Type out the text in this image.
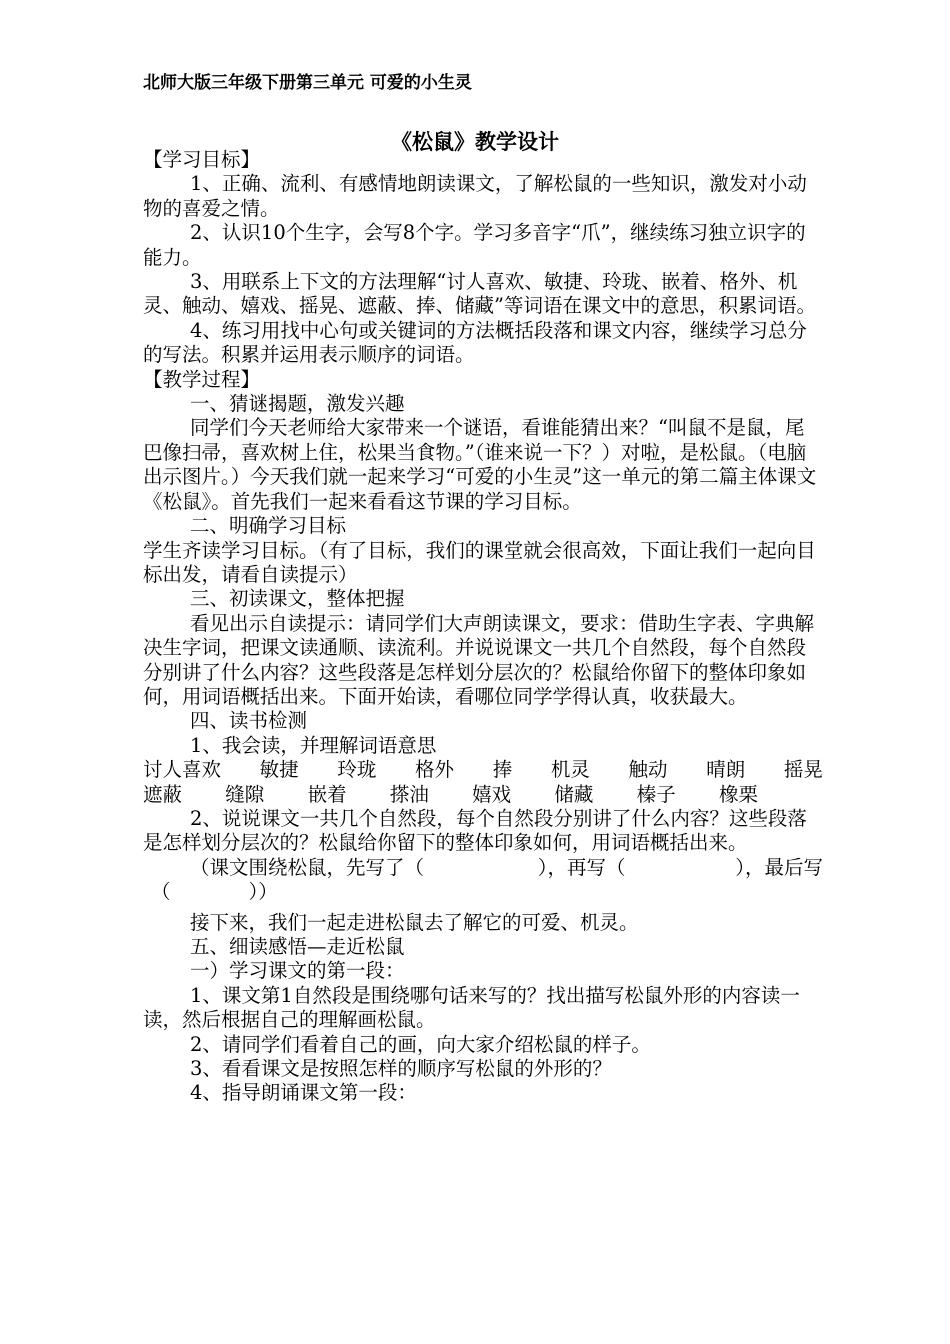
北师大版三年级下册第三单元 可爱的小生灵
《松鼠》教学设计

【学习目标】

1、正确、流利、有感情地朗读课文，了解松鼠的一些知识，激发对小动物的喜爱之情。

2、认识10个生字，会写8个字。学习多音字“爪”，继续练习独立识字的能力。

3、用联系上下文的方法理解“讨人喜欢、敏捷、玲珑、嵌着、格外、机灵、触动、嬉戏、摇晃、遮蔽、捧、储藏”等词语在课文中的意思，积累词语。

4、练习用找中心句或关键词的方法概括段落和课文内容，继续学习总分的写法。积累并运用表示顺序的词语。

【教学过程】

一、猜谜揭题，激发兴趣

同学们今天老师给大家带来一个谜语，看谁能猜出来？“叫鼠不是鼠，尾巴像扫帚，喜欢树上住，松果当食物。”（谁来说一下？）对啦，是松鼠。（电脑出示图片。）今天我们就一起来学习“可爱的小生灵”这一单元的第二篇主体课文《松鼠》。首先我们一起来看看这节课的学习目标。

二、明确学习目标

学生齐读学习目标。（有了目标，我们的课堂就会很高效，下面让我们一起向目标出发，请看自读提示）

三、初读课文，整体把握

看见出示自读提示：请同学们大声朗读课文，要求：借助生字表、字典解决生字词，把课文读通顺、读流利。并说说课文一共几个自然段，每个自然段分别讲了什么内容？这些段落是怎样划分层次的？松鼠给你留下的整体印象如何，用词语概括出来。下面开始读，看哪位同学学得认真，收获最大。

四、读书检测

1、我会读，并理解词语意思

讨人喜欢 敏捷 玲珑 格外 捧 机灵 触动 晴朗 摇晃
遮蔽 缝隙 嵌着 搽油 嬉戏 储藏 榛子 橡栗

2、说说课文一共几个自然段，每个自然段分别讲了什么内容？这些段落是怎样划分层次的？松鼠给你留下的整体印象如何，用词语概括出来。

（课文围绕松鼠，先写了（	），再写（	），最后写

（	））

接下来，我们一起走进松鼠去了解它的可爱、机灵。

五、细读感悟—走近松鼠

一）学习课文的第一段：

1、课文第1自然段是围绕哪句话来写的？找出描写松鼠外形的内容读一读，然后根据自己的理解画松鼠。

2、请同学们看着自己的画，向大家介绍松鼠的样子。

3、看看课文是按照怎样的顺序写松鼠的外形的？

4、指导朗诵课文第一段：
